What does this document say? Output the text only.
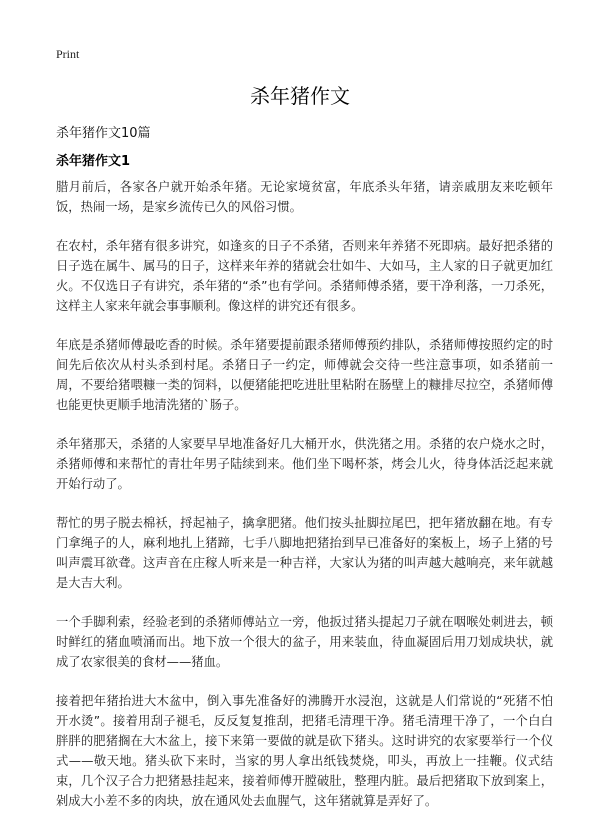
Print
杀年猪作文
杀年猪作文10篇
杀年猪作文1

腊月前后，各家各户就开始杀年猪。无论家境贫富，年底杀头年猪，请亲戚朋友来吃顿年饭，热闹一场，是家乡流传已久的风俗习惯。

在农村，杀年猪有很多讲究，如逢亥的日子不杀猪，否则来年养猪不死即病。最好把杀猪的日子选在属牛、属马的日子，这样来年养的猪就会壮如牛、大如马，主人家的日子就更加红火。不仅选日子有讲究，杀年猪的“杀”也有学问。杀猪师傅杀猪，要干净利落，一刀杀死，这样主人家来年就会事事顺利。像这样的讲究还有很多。

年底是杀猪师傅最吃香的时候。杀年猪要提前跟杀猪师傅预约排队，杀猪师傅按照约定的时间先后依次从村头杀到村尾。杀猪日子一约定，师傅就会交待一些注意事项，如杀猪前一周，不要给猪喂糠一类的饲料，以便猪能把吃进肚里粘附在肠壁上的糠排尽拉空，杀猪师傅也能更快更顺手地清洗猪的`肠子。

杀年猪那天，杀猪的人家要早早地准备好几大桶开水，供洗猪之用。杀猪的农户烧水之时，杀猪师傅和来帮忙的青壮年男子陆续到来。他们坐下喝杯茶，烤会儿火，待身体活泛起来就开始行动了。

帮忙的男子脱去棉袄，捋起袖子，擒拿肥猪。他们按头扯脚拉尾巴，把年猪放翻在地。有专门拿绳子的人，麻利地扎上猪蹄，七手八脚地把猪抬到早已准备好的案板上，场子上猪的号叫声震耳欲聋。这声音在庄稼人听来是一种吉祥，大家认为猪的叫声越大越响亮，来年就越是大吉大利。

一个手脚利索，经验老到的杀猪师傅站立一旁，他扳过猪头提起刀子就在咽喉处刺进去，顿时鲜红的猪血喷涌而出。地下放一个很大的盆子，用来装血，待血凝固后用刀划成块状，就成了农家很美的食材——猪血。

接着把年猪抬进大木盆中，倒入事先准备好的沸腾开水浸泡，这就是人们常说的“死猪不怕开水烫”。接着用刮子褪毛，反反复复推刮，把猪毛清理干净。猪毛清理干净了，一个白白胖胖的肥猪搁在大木盆上，接下来第一要做的就是砍下猪头。这时讲究的农家要举行一个仪式——敬天地。猪头砍下来时，当家的男人拿出纸钱焚烧，叩头，再放上一挂鞭。仪式结束，几个汉子合力把猪悬挂起来，接着师傅开膛破肚，整理内脏。最后把猪取下放到案上，剁成大小差不多的肉块，放在通风处去血腥气，这年猪就算是弄好了。
